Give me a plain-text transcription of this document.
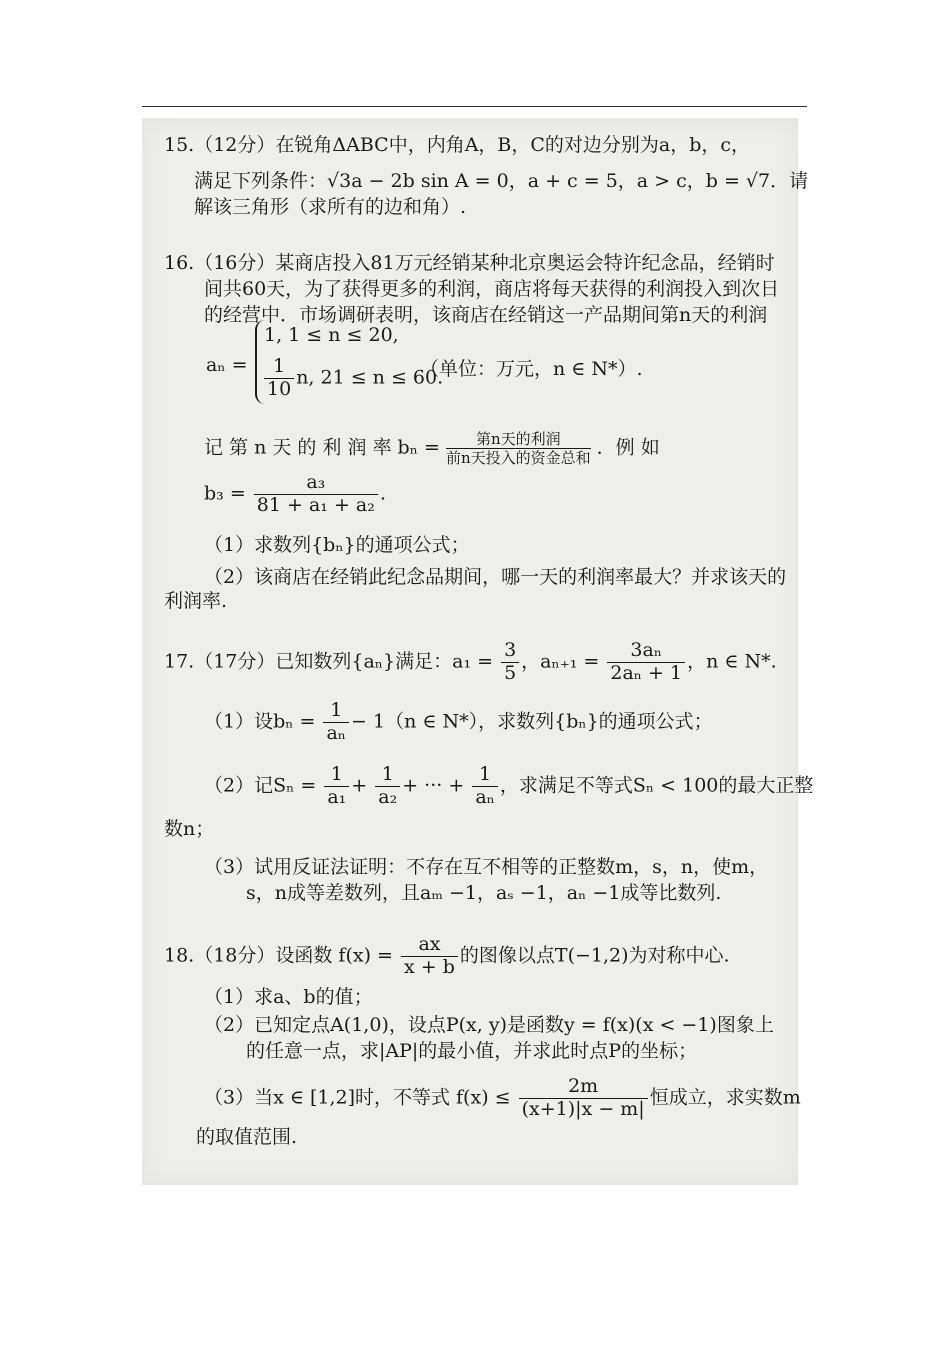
15.（12分）在锐角ΔABC中，内角A，B，C的对边分别为a，b，c，
满足下列条件：√3a − 2b sin A = 0，a + c = 5，a > c，b = √7．请
解该三角形（求所有的边和角）.
16.（16分）某商店投入81万元经销某种北京奥运会特许纪念品，经销时
间共60天，为了获得更多的利润，商店将每天获得的利润投入到次日
的经营中．市场调研表明，该商店在经销这一产品期间第n天的利润
aₙ =
1, 1 ≤ n ≤ 20,
$\frac{1}{10} n$, 21 ≤ n ≤ 60.
（单位：万元，n ∈ N*）.
记 第 n 天 的 利 润 率 bₙ =	第n天的利润
前n天投入的资金总和 ．例 如
$b_3 = \frac{\text{a₃}}{\text{81 + a₁ + a₂}}$ .
（1）求数列{bₙ}的通项公式；
（2）该商店在经销此纪念品期间，哪一天的利润率最大？并求该天的
利润率.
17.（17分）已知数列{aₙ}满足：$a_1 = \frac{3}{5}$ ，$a_{n+1} = \frac{\text{3aₙ}}{\text{2aₙ + 1}}$ ，n ∈ N*.
（1）设$b_n = \frac{1}{\text{aₙ}} - 1(n$ ∈ N*），求数列{bₙ}的通项公式；
（2）记$S_n = \frac{1}{\text{a₁}} + \frac{1}{\text{a₂}}$ + ··· + $\frac{1}{\text{aₙ}}$ ，求满足不等式Sₙ < 100的最大正整
数n；
（3）试用反证法证明：不存在互不相等的正整数m，s，n，使m，
s，n成等差数列，且aₘ −1，aₛ −1，aₙ −1成等比数列.
18.（18分）设函数 $f(x) = \frac{ax}{x + b}$ 的图像以点T(−1,2)为对称中心.
（1）求a、b的值；
（2）已知定点A(1,0)，设点P(x, y)是函数y = f(x)(x < −1)图象上
的任意一点，求|AP|的最小值，并求此时点P的坐标；
（3）当x ∈ [1,2]时，不等式 $f(x) \le \frac{2m}{(x+1)|x - m|}$ 恒成立，求实数m
的取值范围.
